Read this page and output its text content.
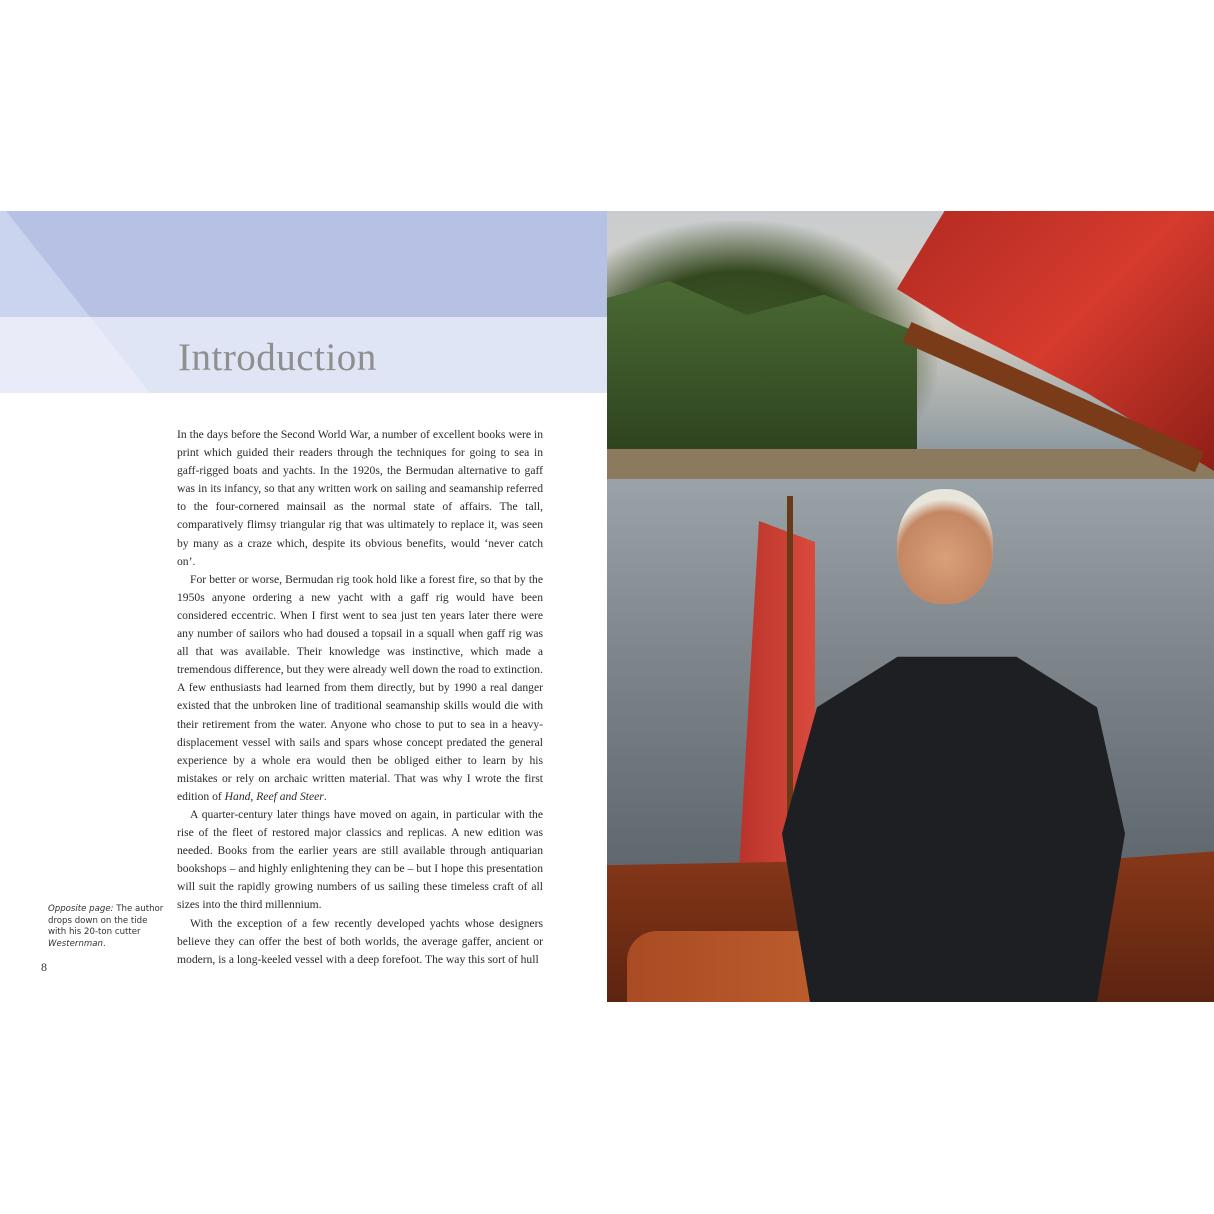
Introduction

In the days before the Second World War, a number of excellent books were in print which guided their readers through the techniques for going to sea in gaff-rigged boats and yachts. In the 1920s, the Bermudan alternative to gaff was in its infancy, so that any written work on sailing and seamanship referred to the four-cornered mainsail as the normal state of affairs. The tall, comparatively flimsy triangular rig that was ultimately to replace it, was seen by many as a craze which, despite its obvious benefits, would ‘never catch on’.

For better or worse, Bermudan rig took hold like a forest fire, so that by the 1950s anyone ordering a new yacht with a gaff rig would have been considered eccentric. When I first went to sea just ten years later there were any number of sailors who had doused a topsail in a squall when gaff rig was all that was available. Their knowledge was instinctive, which made a tremendous difference, but they were already well down the road to extinction. A few enthusiasts had learned from them directly, but by 1990 a real danger existed that the unbroken line of traditional seamanship skills would die with their retirement from the water. Anyone who chose to put to sea in a heavy-displacement vessel with sails and spars whose concept predated the general experience by a whole era would then be obliged either to learn by his mistakes or rely on archaic written material. That was why I wrote the first edition of Hand, Reef and Steer.

A quarter-century later things have moved on again, in particular with the rise of the fleet of restored major classics and replicas. A new edition was needed. Books from the earlier years are still available through antiquarian bookshops – and highly enlightening they can be – but I hope this presentation will suit the rapidly growing numbers of us sailing these timeless craft of all sizes into the third millennium.

With the exception of a few recently developed yachts whose designers believe they can offer the best of both worlds, the average gaffer, ancient or modern, is a long-keeled vessel with a deep forefoot. The way this sort of hull

Opposite page: The author drops down on the tide with his 20-ton cutter Westernman.
8
